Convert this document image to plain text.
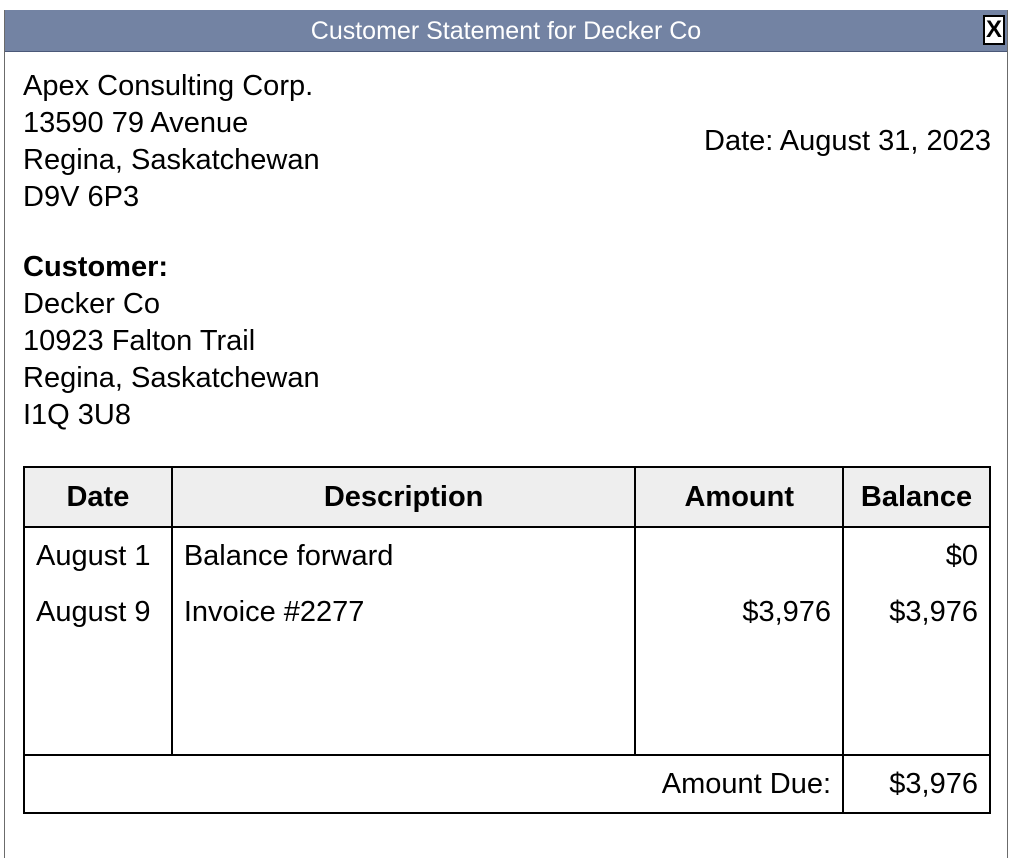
Customer Statement for Decker Co	X
Apex Consulting Corp.
13590 79 Avenue
Regina, Saskatchewan
D9V 6P3
Date: August 31, 2023
Customer:
Decker Co
10923 Falton Trail
Regina, Saskatchewan
I1Q 3U8
Date	Description	Amount	Balance
August 1	Balance forward		$0
August 9	Invoice #2277	$3,976	$3,976

Amount Due:			$3,976
